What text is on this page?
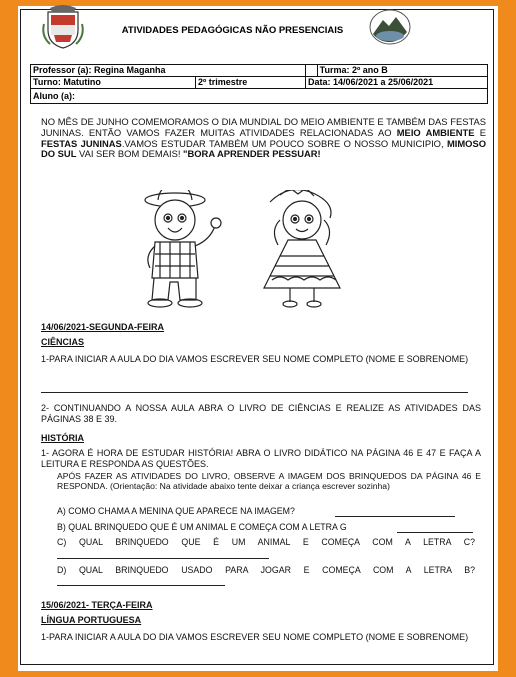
ATIVIDADES PEDAGÓGICAS NÃO PRESENCIAIS
Professor (a): Regina Maganha			Turma: 2º ano B
Turno: Matutino	2º trimestre	Data: 14/06/2021 a 25/06/2021	
Aluno (a):			
NO MÊS DE JUNHO COMEMORAMOS O DIA MUNDIAL DO MEIO AMBIENTE E TAMBÉM DAS FESTAS JUNINAS. ENTÃO VAMOS FAZER MUITAS ATIVIDADES RELACIONADAS AO MEIO AMBIENTE E FESTAS JUNINAS.VAMOS ESTUDAR TAMBÉM UM POUCO SOBRE O NOSSO MUNICIPIO, MIMOSO DO SUL VAI SER BOM DEMAIS! "BORA APRENDER PESSUAR!
14/06/2021-SEGUNDA-FEIRA
CIÊNCIAS
1-PARA INICIAR A AULA DO DIA VAMOS ESCREVER SEU NOME COMPLETO (NOME E SOBRENOME)
2- CONTINUANDO A NOSSA AULA ABRA O LIVRO DE CIÊNCIAS E REALIZE AS ATIVIDADES DAS PÁGINAS 38 E 39.
HISTÓRIA
1- AGORA É HORA DE ESTUDAR HISTÓRIA! ABRA O LIVRO DIDÁTICO NA PÁGINA 46 E 47 E FAÇA A LEITURA E RESPONDA AS QUESTÕES.
APÓS FAZER AS ATIVIDADES DO LIVRO, OBSERVE A IMAGEM DOS BRINQUEDOS DA PÁGINA 46 E RESPONDA. (Orientação: Na atividade abaixo tente deixar a criança escrever sozinha)
A) COMO CHAMA A MENINA QUE APARECE NA IMAGEM?
B) QUAL BRINQUEDO QUE É UM ANIMAL E COMEÇA COM A LETRA G
C) QUAL BRINQUEDO QUE É UM ANIMAL E COMEÇA COM A LETRA C?
D) QUAL BRINQUEDO USADO PARA JOGAR E COMEÇA COM A LETRA B?
15/06/2021- TERÇA-FEIRA
LÍNGUA PORTUGUESA
1-PARA INICIAR A AULA DO DIA VAMOS ESCREVER SEU NOME COMPLETO (NOME E SOBRENOME)
